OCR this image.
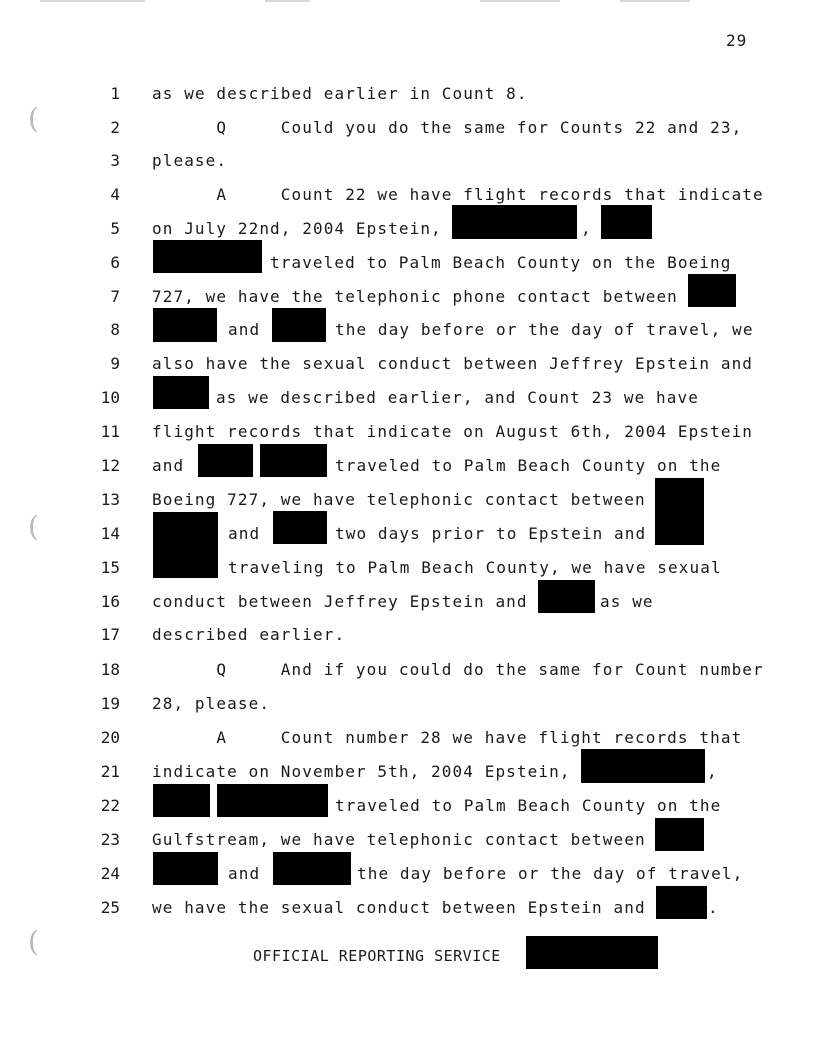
(
(
(
29
1
2
3
4
5
6
7
8
9
10
11
12
13
14
15
16
17
18
19
20
21
22
23
24
25
as we described earlier in Count 8.
Q     Could you do the same for Counts 22 and 23,
please.
A     Count 22 we have flight records that indicate
on July 22nd, 2004 Epstein,	,
traveled to Palm Beach County on the Boeing
727, we have the telephonic phone contact between
and	the day before or the day of travel, we
also have the sexual conduct between Jeffrey Epstein and
as we described earlier, and Count 23 we have
flight records that indicate on August 6th, 2004 Epstein
and	traveled to Palm Beach County on the
Boeing 727, we have telephonic contact between
and	two days prior to Epstein and
traveling to Palm Beach County, we have sexual
conduct between Jeffrey Epstein and	as we
described earlier.
Q     And if you could do the same for Count number
28, please.
A     Count number 28 we have flight records that
indicate on November 5th, 2004 Epstein,	,
traveled to Palm Beach County on the
Gulfstream, we have telephonic contact between
and	the day before or the day of travel,
we have the sexual conduct between Epstein and	.
OFFICIAL REPORTING SERVICE
